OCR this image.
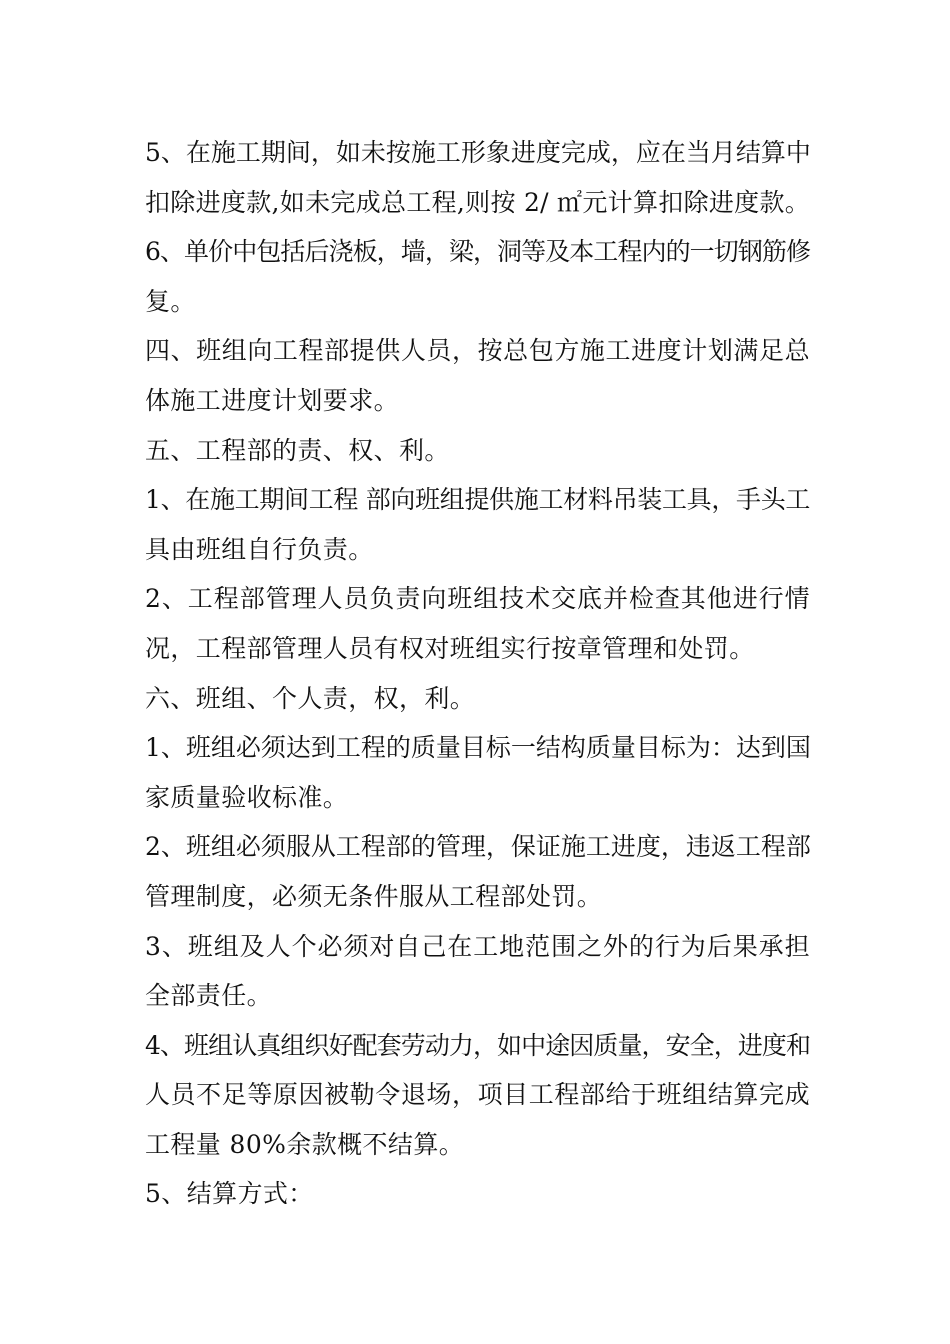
5、在施工期间，如未按施工形象进度完成，应在当月结算中
扣除进度款,如未完成总工程,则按 2/ ㎡元计算扣除进度款。
6、单价中包括后浇板，墙，梁，洞等及本工程内的一切钢筋修
复。
四、班组向工程部提供人员，按总包方施工进度计划满足总
体施工进度计划要求。
五、工程部的责、权、利。
1、在施工期间工程 部向班组提供施工材料吊装工具，手头工
具由班组自行负责。
2、工程部管理人员负责向班组技术交底并检查其他进行情
况，工程部管理人员有权对班组实行按章管理和处罚。
六、班组、个人责，权，利。
1、班组必须达到工程的质量目标一结构质量目标为：达到国
家质量验收标准。
2、班组必须服从工程部的管理，保证施工进度，违返工程部
管理制度，必须无条件服从工程部处罚。
3、班组及人个必须对自己在工地范围之外的行为后果承担
全部责任。
4、班组认真组织好配套劳动力，如中途因质量，安全，进度和
人员不足等原因被勒令退场，项目工程部给于班组结算完成
工程量 80%余款概不结算。
5、结算方式：
